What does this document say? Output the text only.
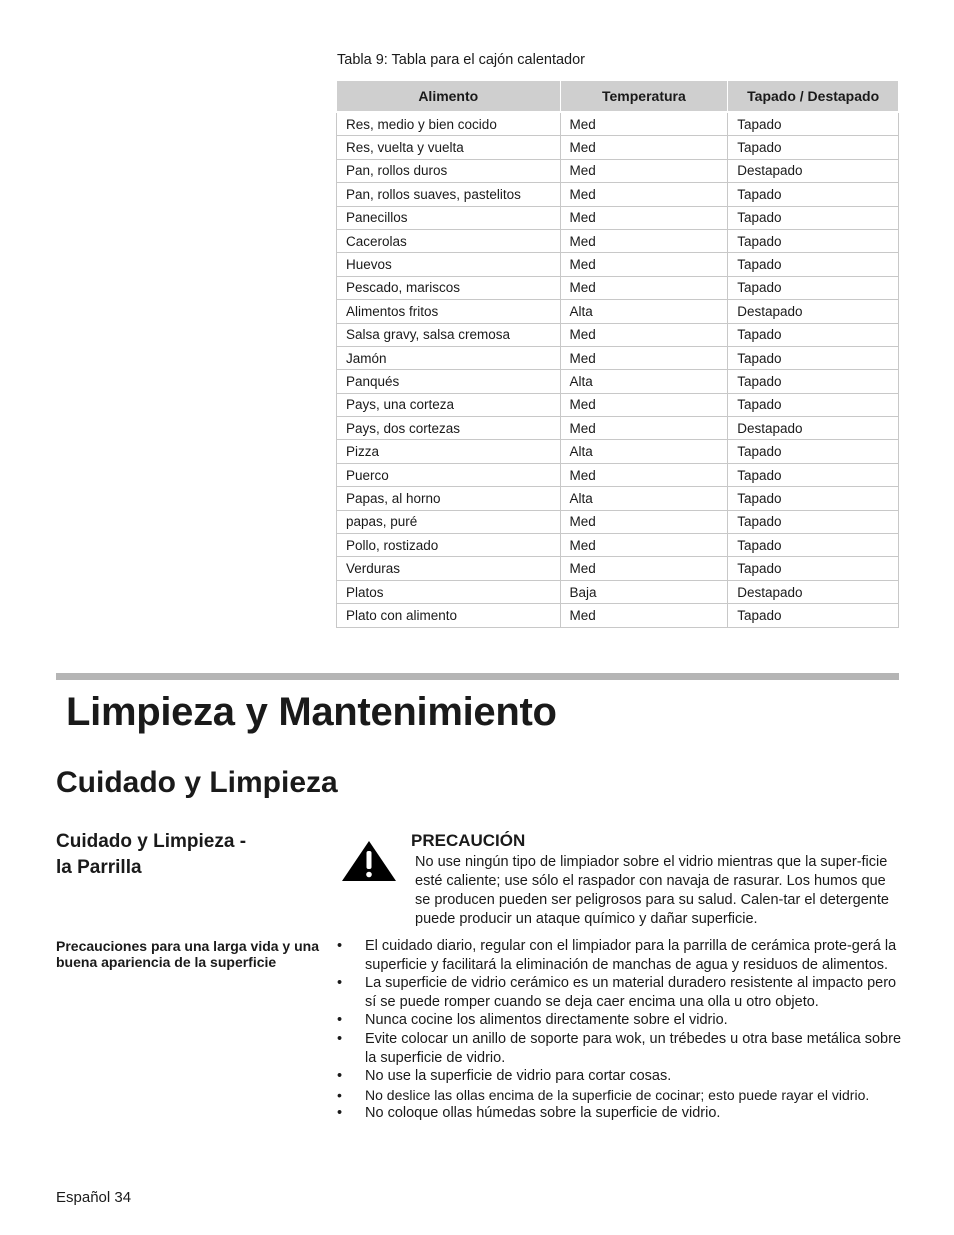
Tabla 9: Tabla para el cajón calentador
Alimento	Temperatura	Tapado / Destapado
Res, medio y bien cocido	Med	Tapado
Res, vuelta y vuelta	Med	Tapado
Pan, rollos duros	Med	Destapado
Pan, rollos suaves, pastelitos	Med	Tapado
Panecillos	Med	Tapado
Cacerolas	Med	Tapado
Huevos	Med	Tapado
Pescado, mariscos	Med	Tapado
Alimentos fritos	Alta	Destapado
Salsa gravy, salsa cremosa	Med	Tapado
Jamón	Med	Tapado
Panqués	Alta	Tapado
Pays, una corteza	Med	Tapado
Pays, dos cortezas	Med	Destapado
Pizza	Alta	Tapado
Puerco	Med	Tapado
Papas, al horno	Alta	Tapado
papas, puré	Med	Tapado
Pollo, rostizado	Med	Tapado
Verduras	Med	Tapado
Platos	Baja	Destapado
Plato con alimento	Med	Tapado
Limpieza y Mantenimiento
Cuidado y Limpieza
Cuidado y Limpieza -
la Parrilla
PRECAUCIÓN
No use ningún tipo de limpiador sobre el vidrio mientras que la super-ficie esté caliente; use sólo el raspador con navaja de rasurar. Los humos que se producen pueden ser peligrosos para su salud. Calen-tar el detergente puede producir un ataque químico y dañar superficie.
Precauciones para una larga vida y una buena apariencia de la superficie
• El cuidado diario, regular con el limpiador para la parrilla de cerámica prote-gerá la superficie y facilitará la eliminación de manchas de agua y residuos de alimentos.
• La superficie de vidrio cerámico es un material duradero resistente al impacto pero sí se puede romper cuando se deja caer encima una olla u otro objeto.
• Nunca cocine los alimentos directamente sobre el vidrio.
• Evite colocar un anillo de soporte para wok, un trébedes u otra base metálica sobre la superficie de vidrio.
• No use la superficie de vidrio para cortar cosas.
• No deslice las ollas encima de la superficie de cocinar; esto puede rayar el vidrio.
• No coloque ollas húmedas sobre la superficie de vidrio.
Español 34
